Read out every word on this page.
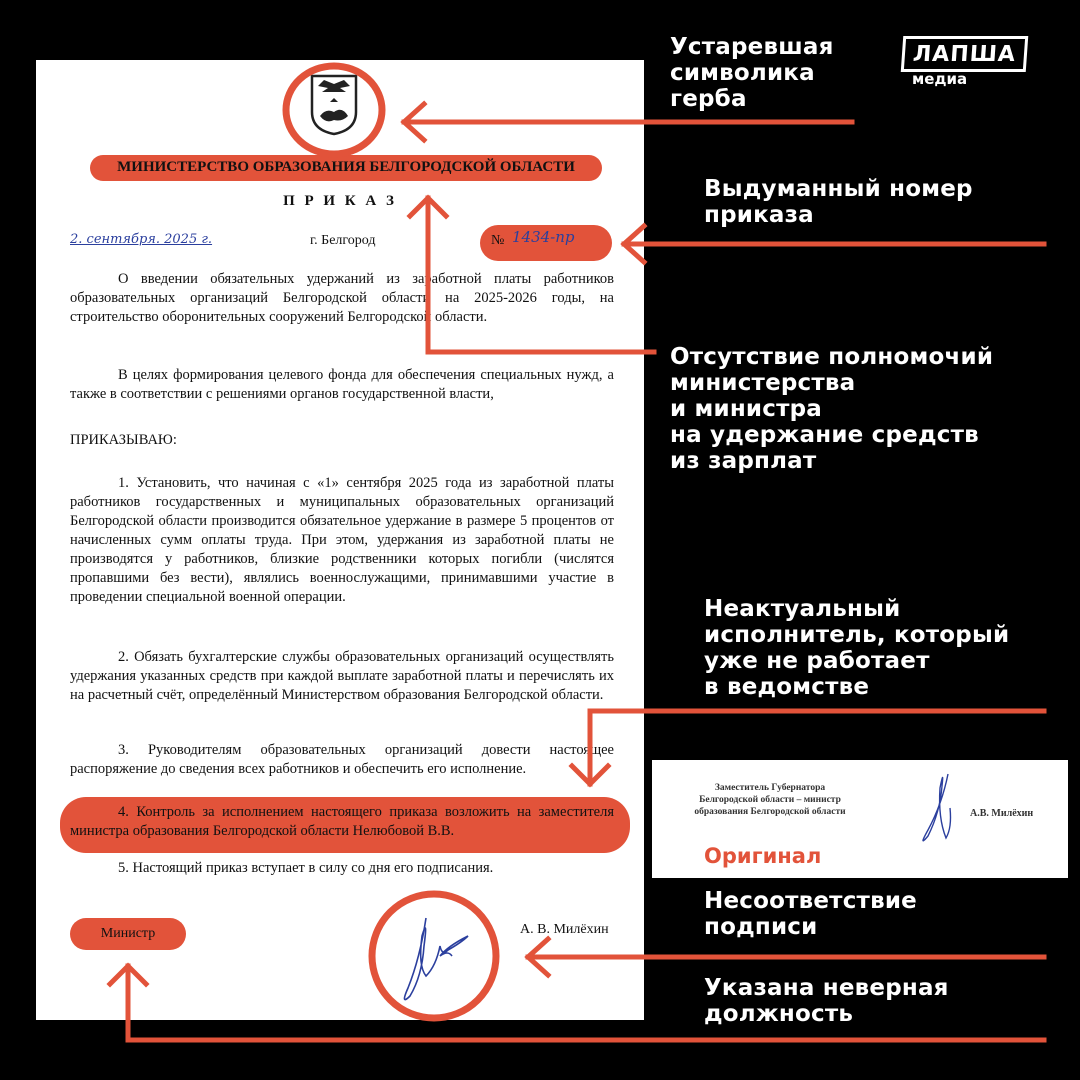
МИНИСТЕРСТВО ОБРАЗОВАНИЯ БЕЛГОРОДСКОЙ ОБЛАСТИ
П Р И К А З
2. сентября. 2025 г.	г. Белгород	№ 1434-пр
О введении обязательных удержаний из заработной платы работников образовательных организаций Белгородской области на 2025-2026 годы, на строительство оборонительных сооружений Белгородской области.
В целях формирования целевого фонда для обеспечения специальных нужд, а также в соответствии с решениями органов государственной власти,
ПРИКАЗЫВАЮ:
1. Установить, что начиная с «1» сентября 2025 года из заработной платы работников государственных и муниципальных образовательных организаций Белгородской области производится обязательное удержание в размере 5 процентов от начисленных сумм оплаты труда. При этом, удержания из заработной платы не производятся у работников, близкие родственники которых погибли (числятся пропавшими без вести), являлись военнослужащими, принимавшими участие в проведении специальной военной операции.
2. Обязать бухгалтерские службы образовательных организаций осуществлять удержания указанных средств при каждой выплате заработной платы и перечислять их на расчетный счёт, определённый Министерством образования Белгородской области.
3. Руководителям образовательных организаций довести настоящее распоряжение до сведения всех работников и обеспечить его исполнение.
4. Контроль за исполнением настоящего приказа возложить на заместителя министра образования Белгородской области Нелюбовой В.В.
5. Настоящий приказ вступает в силу со дня его подписания.
Министр	А. В. Милёхин
ЛАПША
медиа
Устаревшая
символика
герба
Выдуманный номер
приказа
Отсутствие полномочий
министерства
и министра
на удержание средств
из зарплат
Неактуальный
исполнитель, который
уже не работает
в ведомстве
Несоответствие
подписи
Указана неверная
должность
Заместитель Губернатора
Белгородской области – министр
образования Белгородской области	А.В. Милёхин
Оригинал
